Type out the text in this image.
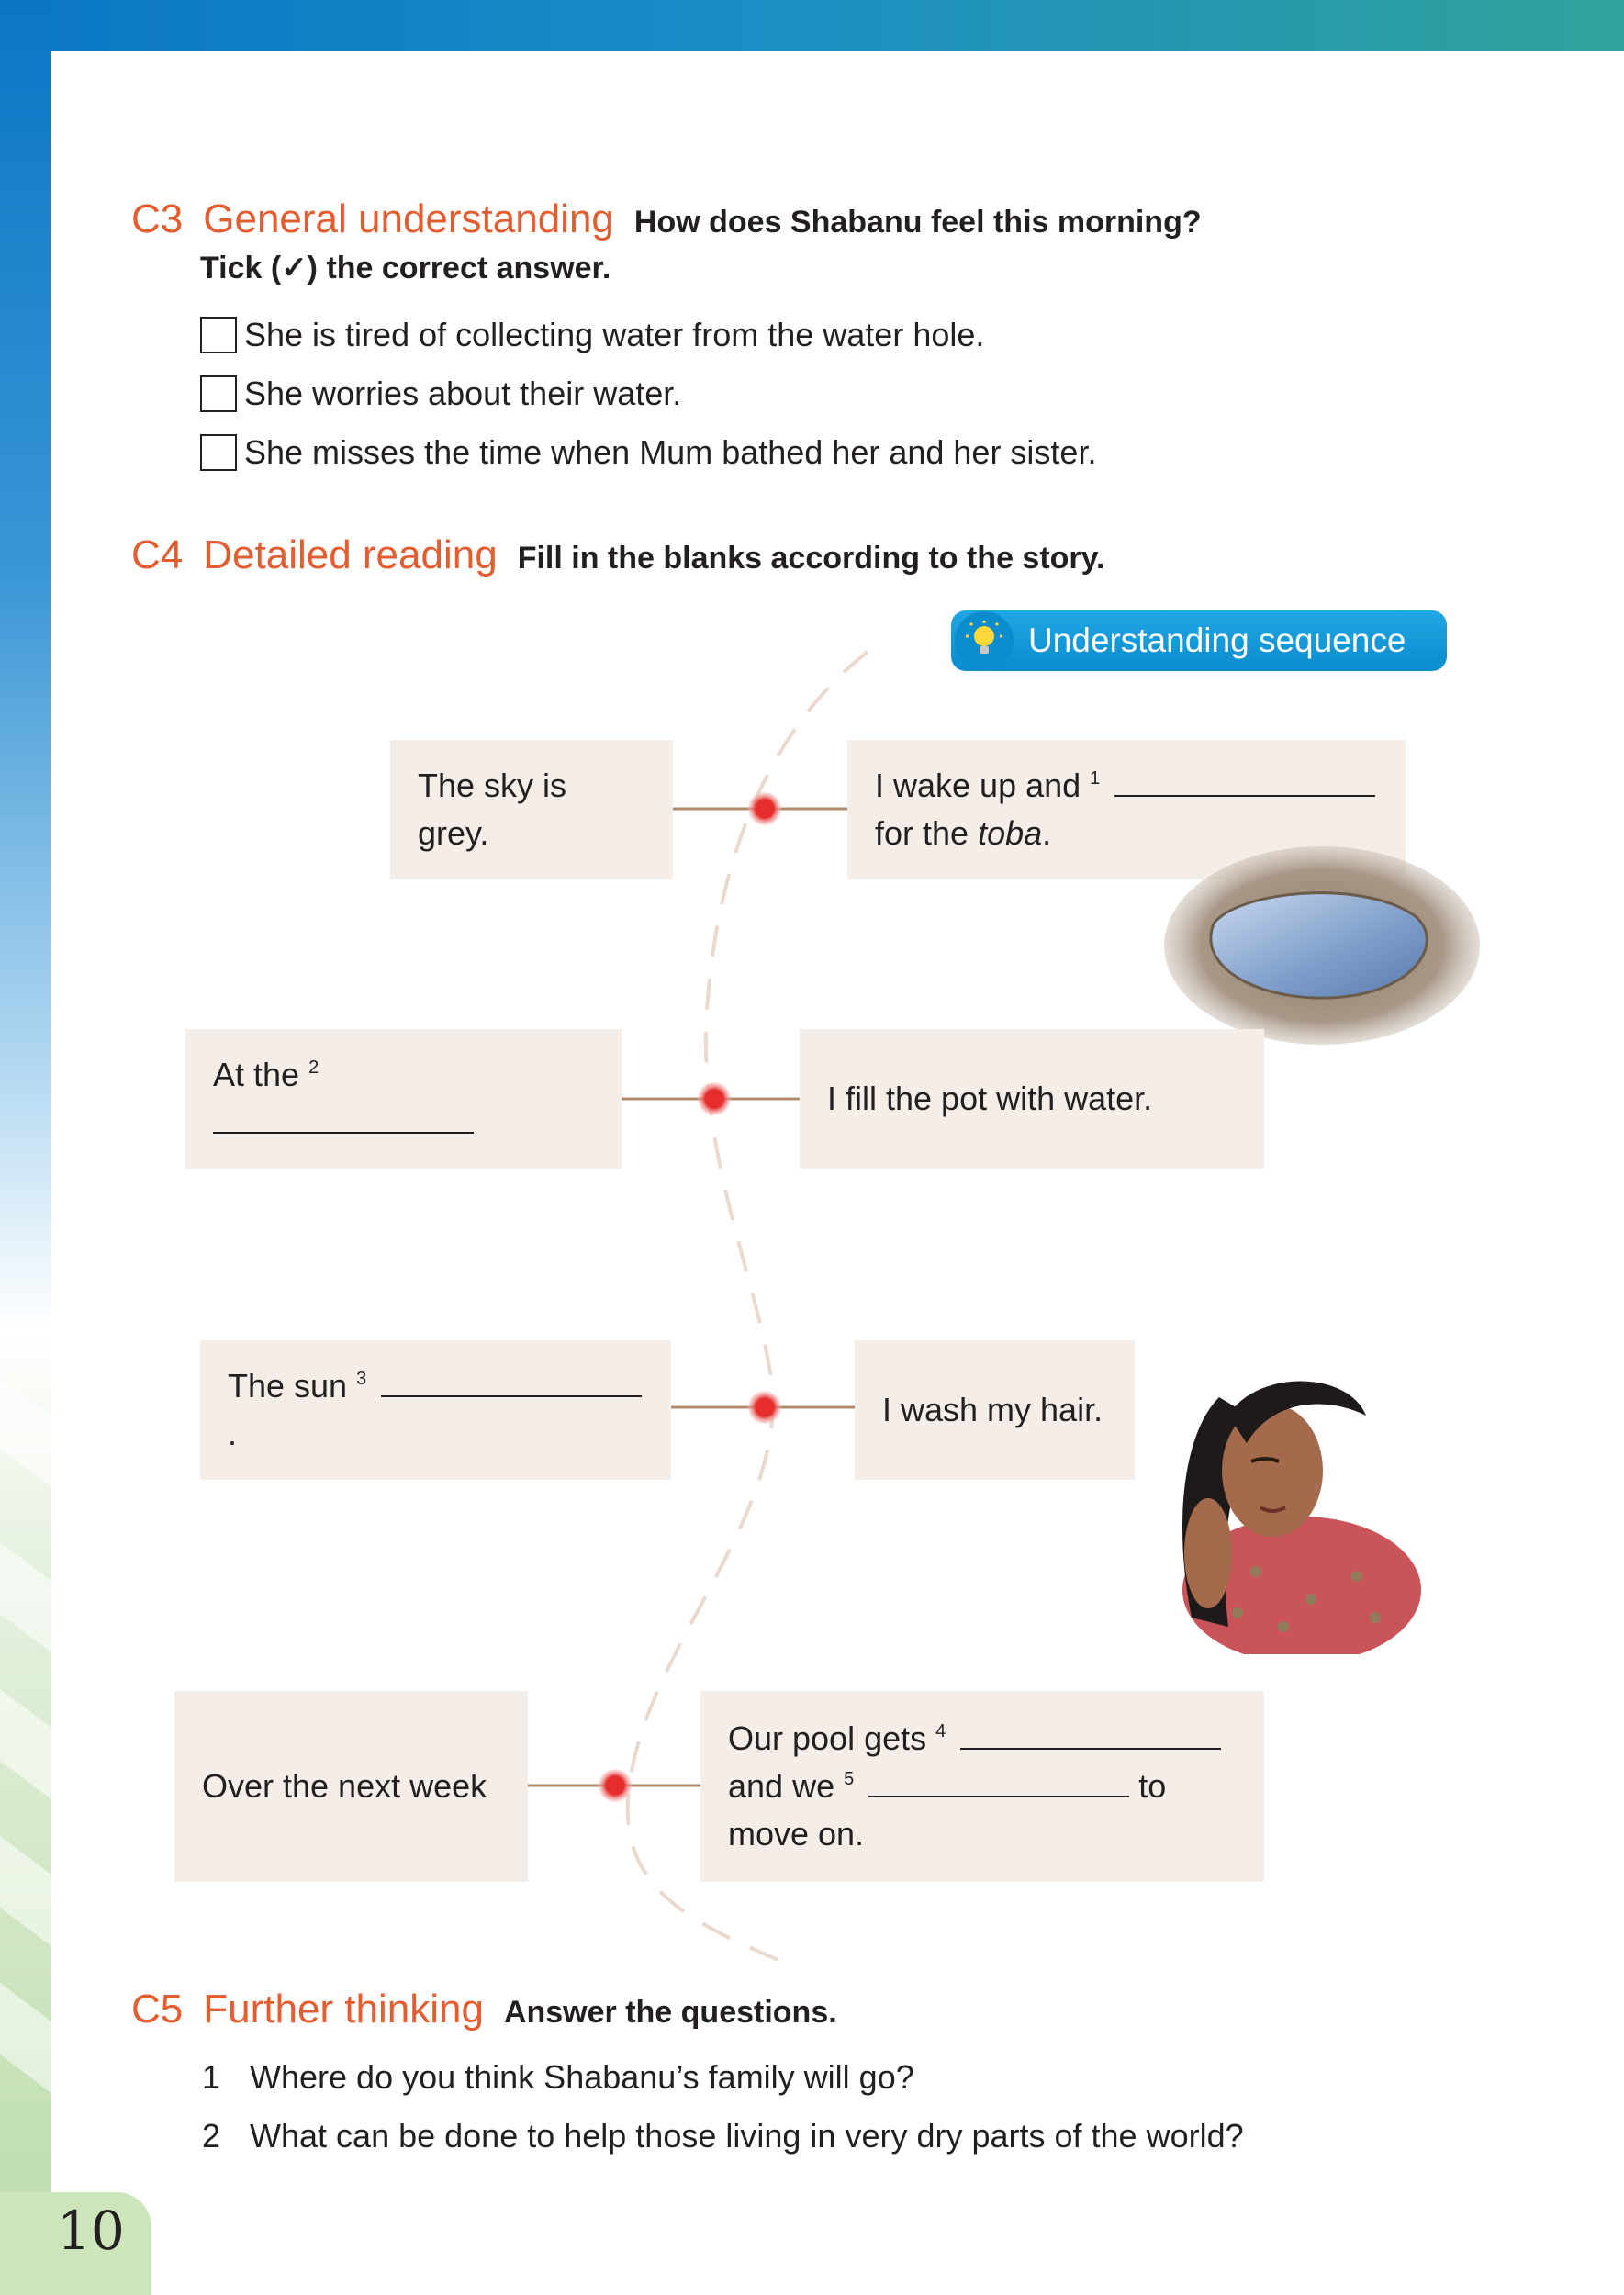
10
C3 General understanding How does Shabanu feel this morning?
Tick (✓) the correct answer.
She is tired of collecting water from the water hole.
She worries about their water.
She misses the time when Mum bathed her and her sister.
C4 Detailed reading Fill in the blanks according to the story.
Understanding sequence
The sky is grey.
I wake up and $^1$
for the toba.
At the $^2$
I fill the pot with water.
The sun $^3$ .
I wash my hair.
Over the next week
Our pool gets $^4$
and we $^5$	to
move on.
C5 Further thinking Answer the questions.
1 Where do you think Shabanu’s family will go?
2 What can be done to help those living in very dry parts of the world?
